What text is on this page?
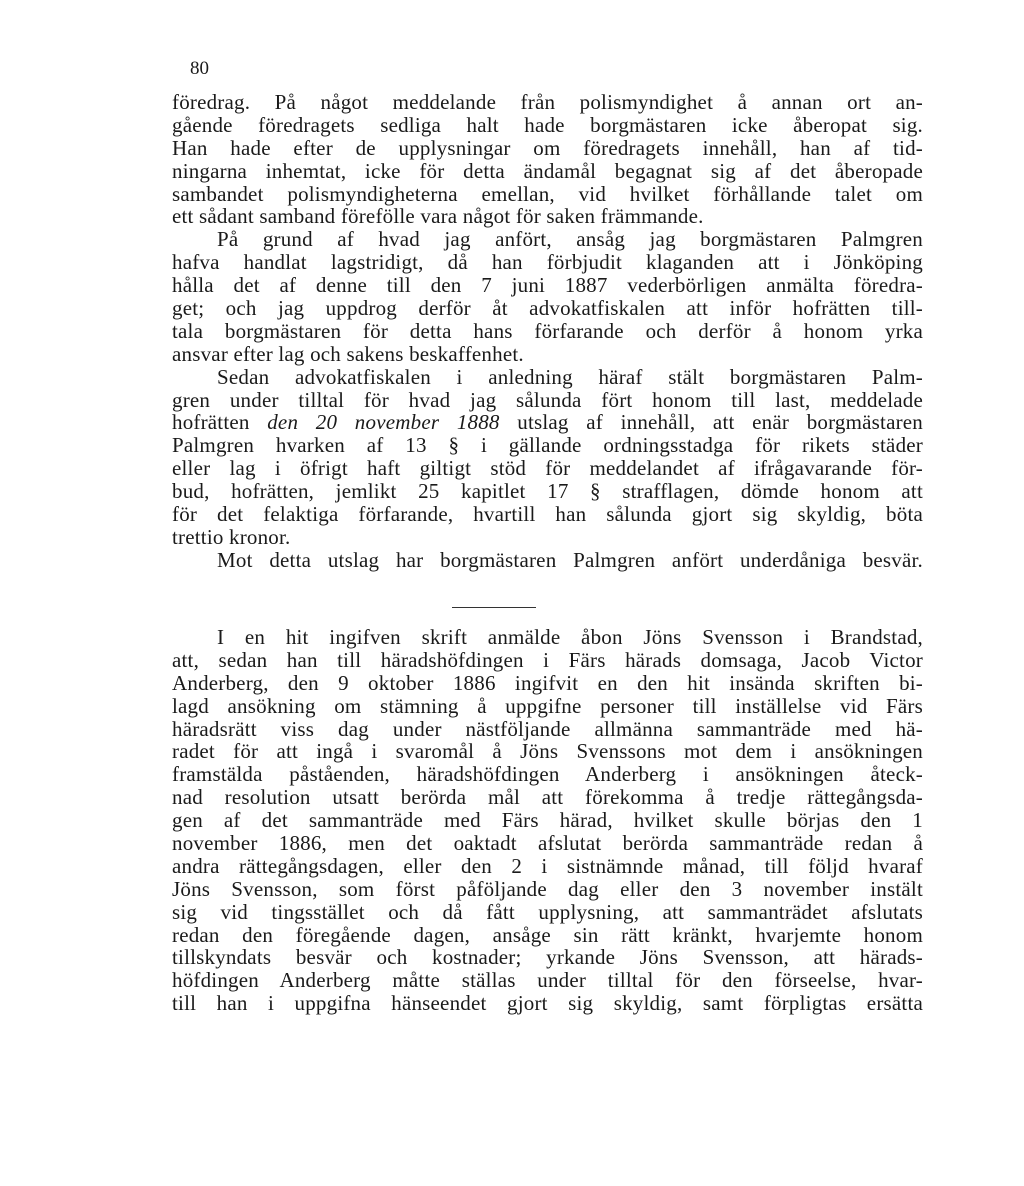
80
föredrag. På något meddelande från polismyndighet å annan ort an-
gående föredragets sedliga halt hade borgmästaren icke åberopat sig.
Han hade efter de upplysningar om föredragets innehåll, han af tid-
ningarna inhemtat, icke för detta ändamål begagnat sig af det åberopade
sambandet polismyndigheterna emellan, vid hvilket förhållande talet om
ett sådant samband förefölle vara något för saken främmande.
På grund af hvad jag anfört, ansåg jag borgmästaren Palmgren
hafva handlat lagstridigt, då han förbjudit klaganden att i Jönköping
hålla det af denne till den 7 juni 1887 vederbörligen anmälta föredra-
get; och jag uppdrog derför åt advokatfiskalen att inför hofrätten till-
tala borgmästaren för detta hans förfarande och derför å honom yrka
ansvar efter lag och sakens beskaffenhet.
Sedan advokatfiskalen i anledning häraf stält borgmästaren Palm-
gren under tilltal för hvad jag sålunda fört honom till last, meddelade
hofrätten den 20 november 1888 utslag af innehåll, att enär borgmästaren
Palmgren hvarken af 13 § i gällande ordningsstadga för rikets städer
eller lag i öfrigt haft giltigt stöd för meddelandet af ifrågavarande för-
bud, hofrätten, jemlikt 25 kapitlet 17 § strafflagen, dömde honom att
för det felaktiga förfarande, hvartill han sålunda gjort sig skyldig, böta
trettio kronor.
Mot detta utslag har borgmästaren Palmgren anfört underdåniga besvär.
I en hit ingifven skrift anmälde åbon Jöns Svensson i Brandstad,
att, sedan han till häradshöfdingen i Färs härads domsaga, Jacob Victor
Anderberg, den 9 oktober 1886 ingifvit en den hit insända skriften bi-
lagd ansökning om stämning å uppgifne personer till inställelse vid Färs
häradsrätt viss dag under nästföljande allmänna sammanträde med hä-
radet för att ingå i svaromål å Jöns Svenssons mot dem i ansökningen
framstälda påståenden, häradshöfdingen Anderberg i ansökningen åteck-
nad resolution utsatt berörda mål att förekomma å tredje rättegångsda-
gen af det sammanträde med Färs härad, hvilket skulle börjas den 1
november 1886, men det oaktadt afslutat berörda sammanträde redan å
andra rättegångsdagen, eller den 2 i sistnämnde månad, till följd hvaraf
Jöns Svensson, som först påföljande dag eller den 3 november instält
sig vid tingsstället och då fått upplysning, att sammanträdet afslutats
redan den föregående dagen, ansåge sin rätt kränkt, hvarjemte honom
tillskyndats besvär och kostnader; yrkande Jöns Svensson, att härads-
höfdingen Anderberg måtte ställas under tilltal för den förseelse, hvar-
till han i uppgifna hänseendet gjort sig skyldig, samt förpligtas ersätta
